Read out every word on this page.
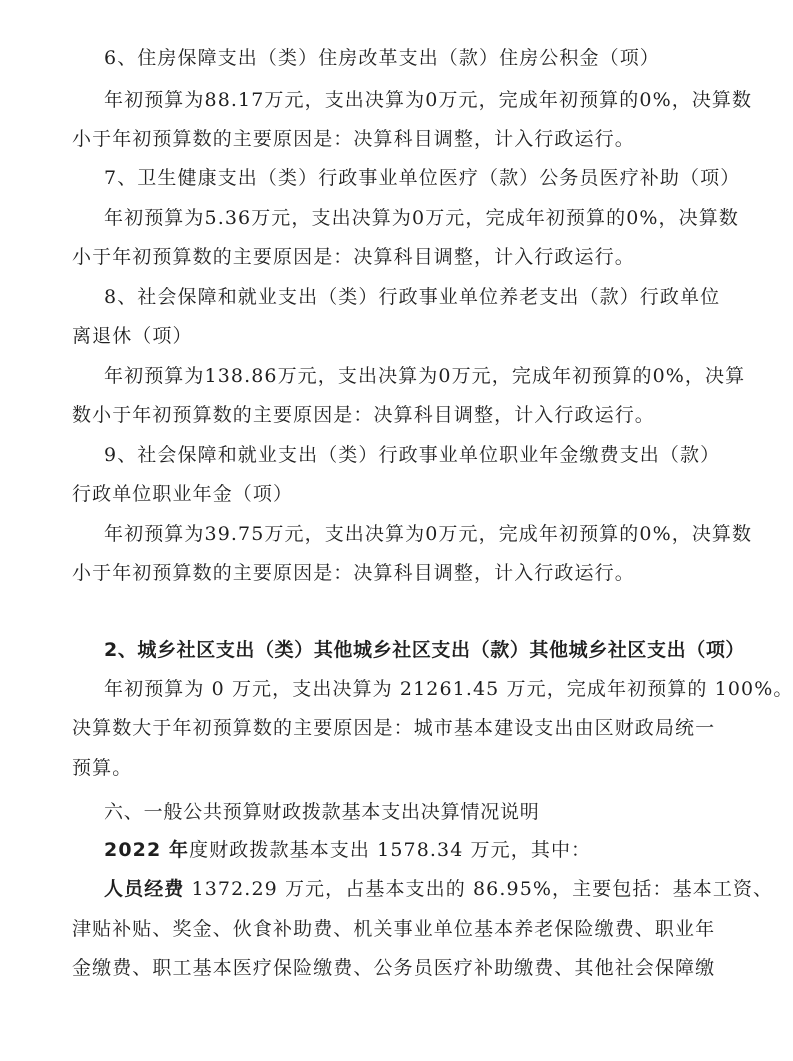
6、住房保障支出（类）住房改革支出（款）住房公积金（项）
年初预算为88.17万元，支出决算为0万元，完成年初预算的0%，决算数
小于年初预算数的主要原因是：决算科目调整，计入行政运行。
7、卫生健康支出（类）行政事业单位医疗（款）公务员医疗补助（项）
年初预算为5.36万元，支出决算为0万元，完成年初预算的0%，决算数
小于年初预算数的主要原因是：决算科目调整，计入行政运行。
8、社会保障和就业支出（类）行政事业单位养老支出（款）行政单位
离退休（项）
年初预算为138.86万元，支出决算为0万元，完成年初预算的0%，决算
数小于年初预算数的主要原因是：决算科目调整，计入行政运行。
9、社会保障和就业支出（类）行政事业单位职业年金缴费支出（款）
行政单位职业年金（项）
年初预算为39.75万元，支出决算为0万元，完成年初预算的0%，决算数
小于年初预算数的主要原因是：决算科目调整，计入行政运行。
2、城乡社区支出（类）其他城乡社区支出（款）其他城乡社区支出（项）
年初预算为 0 万元，支出决算为 21261.45 万元，完成年初预算的 100%。
决算数大于年初预算数的主要原因是：城市基本建设支出由区财政局统一
预算。
六、一般公共预算财政拨款基本支出决算情况说明
2022 年度财政拨款基本支出 1578.34 万元，其中：
人员经费 1372.29 万元，占基本支出的 86.95%，主要包括：基本工资、
津贴补贴、奖金、伙食补助费、机关事业单位基本养老保险缴费、职业年
金缴费、职工基本医疗保险缴费、公务员医疗补助缴费、其他社会保障缴
